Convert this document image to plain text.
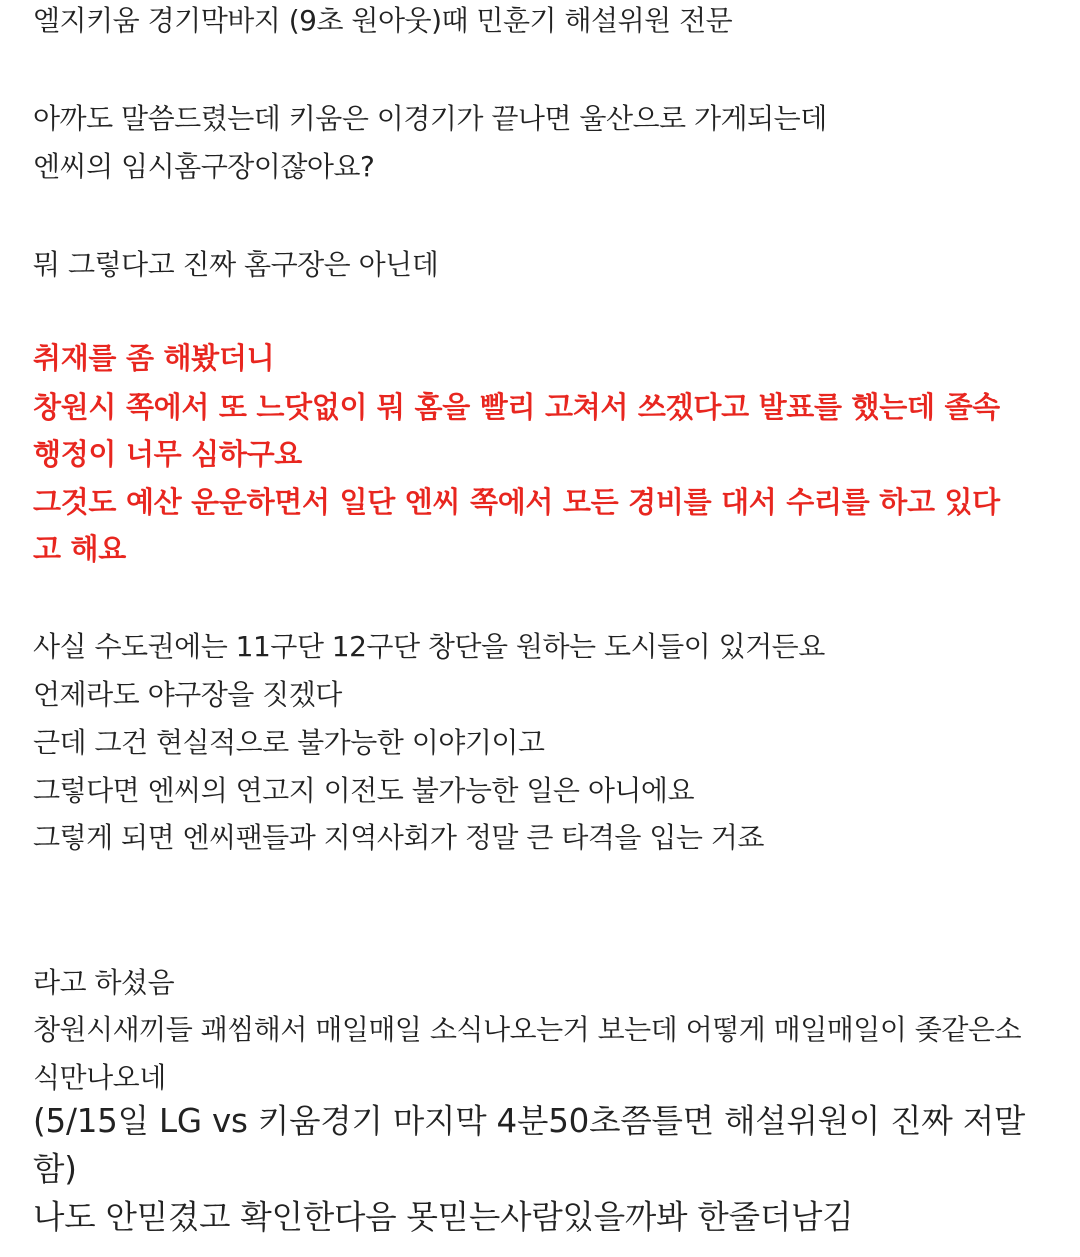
엘지키움 경기막바지 (9초 원아웃)때 민훈기 해설위원 전문
아까도 말씀드렸는데 키움은 이경기가 끝나면 울산으로 가게되는데
엔씨의 임시홈구장이잖아요?
뭐 그렇다고 진짜 홈구장은 아닌데
취재를 좀 해봤더니
창원시 쪽에서 또 느닷없이 뭐 홈을 빨리 고쳐서 쓰겠다고 발표를 했는데 졸속
행정이 너무 심하구요
그것도 예산 운운하면서 일단 엔씨 쪽에서 모든 경비를 대서 수리를 하고 있다
고 해요
사실 수도권에는 11구단 12구단 창단을 원하는 도시들이 있거든요
언제라도 야구장을 짓겠다
근데 그건 현실적으로 불가능한 이야기이고
그렇다면 엔씨의 연고지 이전도 불가능한 일은 아니에요
그렇게 되면 엔씨팬들과 지역사회가 정말 큰 타격을 입는 거죠
라고 하셨음
창원시새끼들 괘씸해서 매일매일 소식나오는거 보는데 어떻게 매일매일이 좆같은소
식만나오네
(5/15일 LG vs 키움경기 마지막 4분50초쯤틀면 해설위원이 진짜 저말
함)
나도 안믿겼고 확인한다음 못믿는사람있을까봐 한줄더남김
